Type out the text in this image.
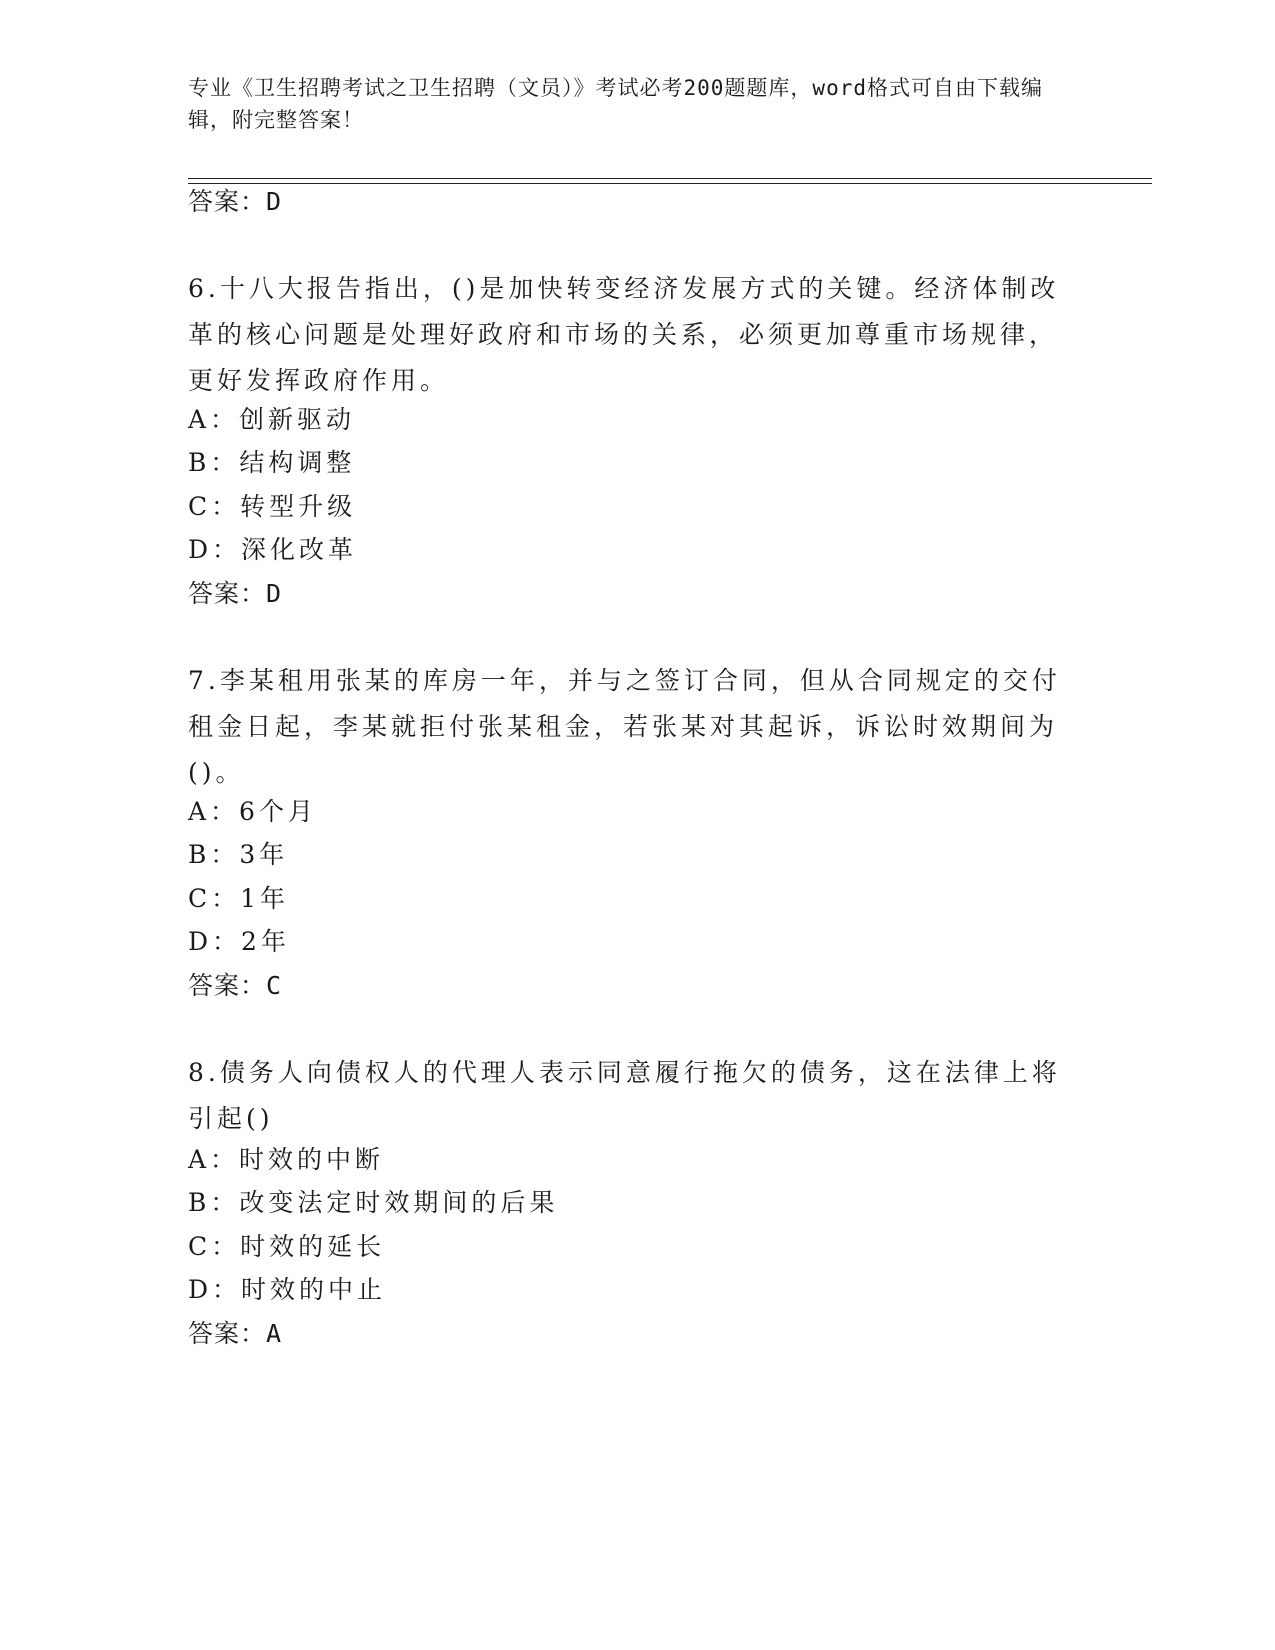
专业《卫生招聘考试之卫生招聘（文员）》考试必考200题题库，word格式可自由下载编辑，附完整答案！
答案：D
6.十八大报告指出，()是加快转变经济发展方式的关键。经济体制改革的核心问题是处理好政府和市场的关系，必须更加尊重市场规律，更好发挥政府作用。
A：创新驱动
B：结构调整
C：转型升级
D：深化改革
答案：D
7.李某租用张某的库房一年，并与之签订合同，但从合同规定的交付租金日起，李某就拒付张某租金，若张某对其起诉，诉讼时效期间为()。
A：6个月
B：3年
C：1年
D：2年
答案：C
8.债务人向债权人的代理人表示同意履行拖欠的债务，这在法律上将引起()
A：时效的中断
B：改变法定时效期间的后果
C：时效的延长
D：时效的中止
答案：A
